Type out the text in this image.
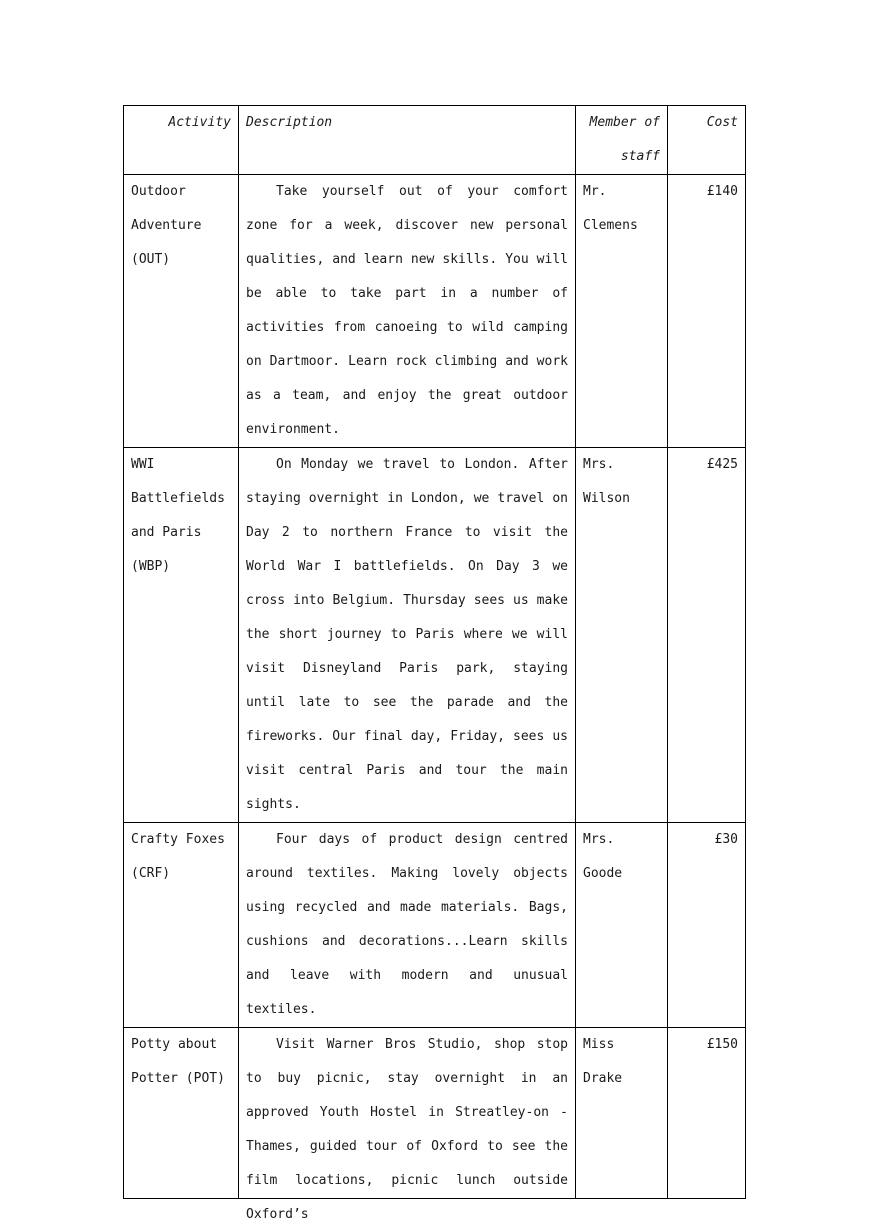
Activity	Description	Member of staff	Cost
Outdoor Adventure (OUT)	Take yourself out of your comfort zone for a week, discover new personal qualities, and learn new skills. You will be able to take part in a number of activities from canoeing to wild camping on Dartmoor. Learn rock climbing and work as a team, and enjoy the great outdoor environment.	Mr. Clemens	£140
WWI Battlefields and Paris (WBP)	On Monday we travel to London. After staying overnight in London, we travel on Day 2 to northern France to visit the World War I battlefields. On Day 3 we cross into Belgium. Thursday sees us make the short journey to Paris where we will visit Disneyland Paris park, staying until late to see the parade and the fireworks. Our final day, Friday, sees us visit central Paris and tour the main sights.	Mrs. Wilson	£425
Crafty Foxes (CRF)	Four days of product design centred around textiles. Making lovely objects using recycled and made materials. Bags, cushions and decorations...Learn skills and leave with modern and unusual textiles.	Mrs. Goode	£30
Potty about Potter (POT)	Visit Warner Bros Studio, shop stop to buy picnic, stay overnight in an approved Youth Hostel in Streatley-on -Thames, guided tour of Oxford to see the film locations, picnic lunch outside Oxford’s	Miss Drake	£150
